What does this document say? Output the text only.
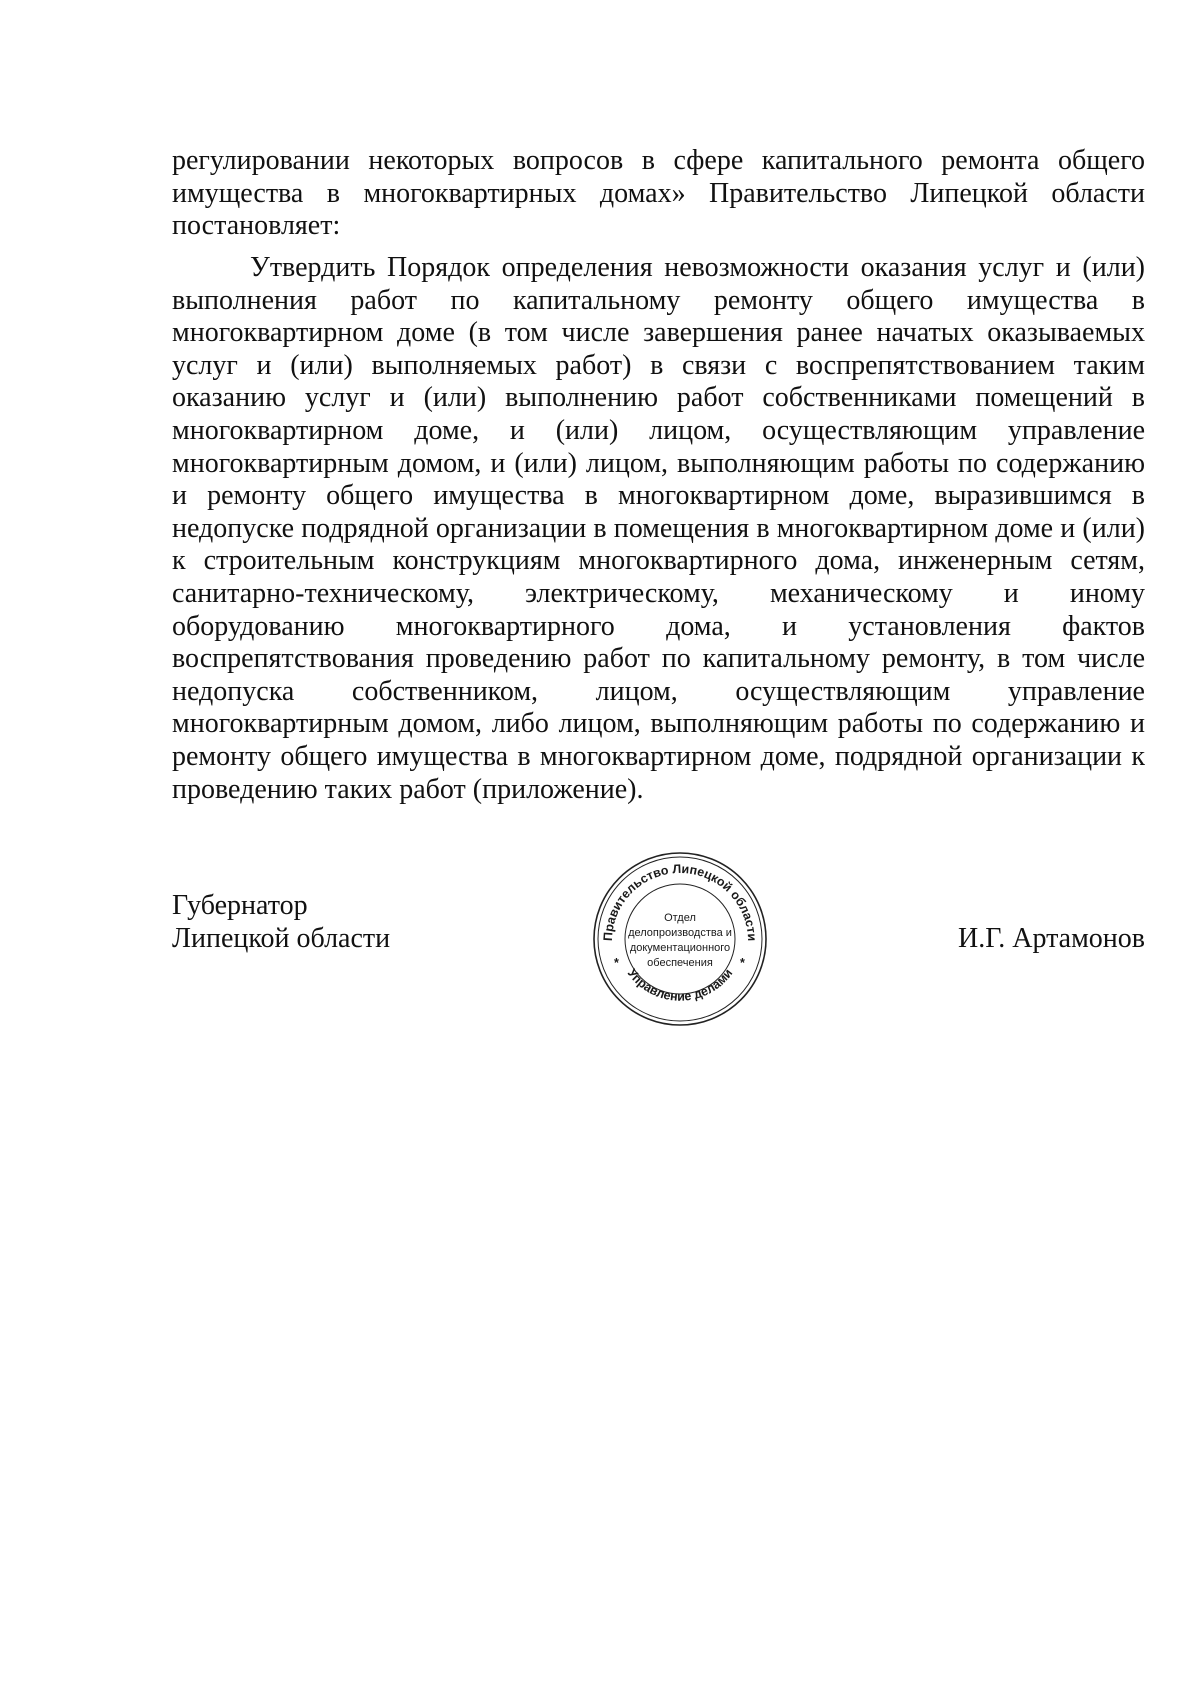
регулировании некоторых вопросов в сфере капитального ремонта общего имущества в многоквартирных домах» Правительство Липецкой области постановляет:

Утвердить Порядок определения невозможности оказания услуг и (или) выполнения работ по капитальному ремонту общего имущества в многоквартирном доме (в том числе завершения ранее начатых оказываемых услуг и (или) выполняемых работ) в связи с воспрепятствованием таким оказанию услуг и (или) выполнению работ собственниками помещений в многоквартирном доме, и (или) лицом, осуществляющим управление многоквартирным домом, и (или) лицом, выполняющим работы по содержанию и ремонту общего имущества в многоквартирном доме, выразившимся в недопуске подрядной организации в помещения в многоквартирном доме и (или) к строительным конструкциям многоквартирного дома, инженерным сетям, санитарно-техническому, электрическому, механическому и иному оборудованию многоквартирного дома, и установления фактов воспрепятствования проведению работ по капитальному ремонту, в том числе недопуска собственником, лицом, осуществляющим управление многоквартирным домом, либо лицом, выполняющим работы по содержанию и ремонту общего имущества в многоквартирном доме, подрядной организации к проведению таких работ (приложение).

Губернатор
Липецкой области	Правительство Липецкой области
Управление делами
*	*
Отдел
делопроизводства и
документационного
обеспечения
И.Г. Артамонов
